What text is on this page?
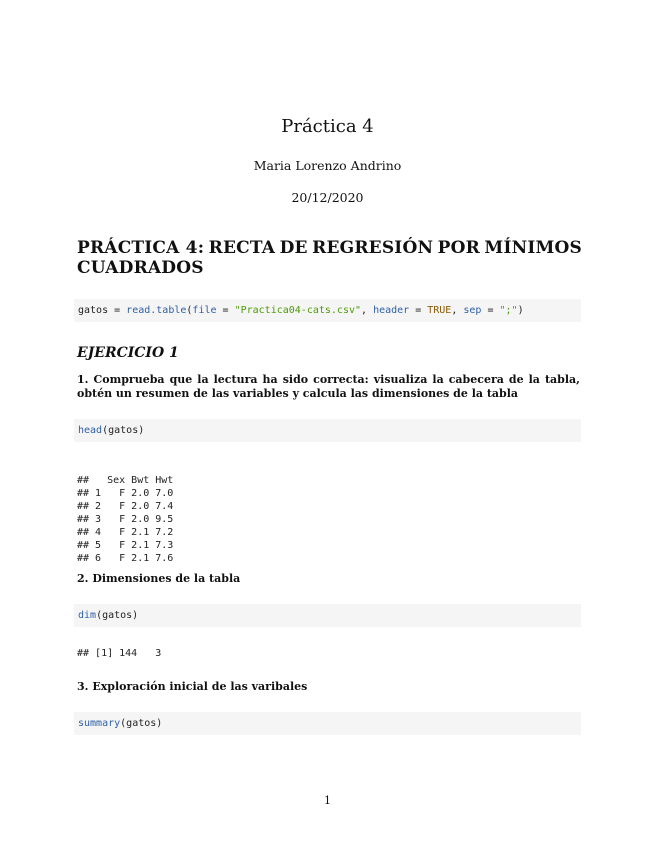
Práctica 4
Maria Lorenzo Andrino
20/12/2020
PRÁCTICA 4: RECTA DE REGRESIÓN POR MÍNIMOS
CUADRADOS
gatos = read.table(file = "Practica04-cats.csv", header = TRUE, sep = ";")
EJERCICIO 1
1. Comprueba que la lectura ha sido correcta: visualiza la cabecera de la tabla, obtén un resumen de las variables y calcula las dimensiones de la tabla
head(gatos)

##   Sex Bwt Hwt
## 1   F 2.0 7.0
## 2   F 2.0 7.4
## 3   F 2.0 9.5
## 4   F 2.1 7.2
## 5   F 2.1 7.3
## 6   F 2.1 7.6

2. Dimensiones de la tabla
dim(gatos)
## [1] 144   3
3. Exploración inicial de las varibales
summary(gatos)
1
